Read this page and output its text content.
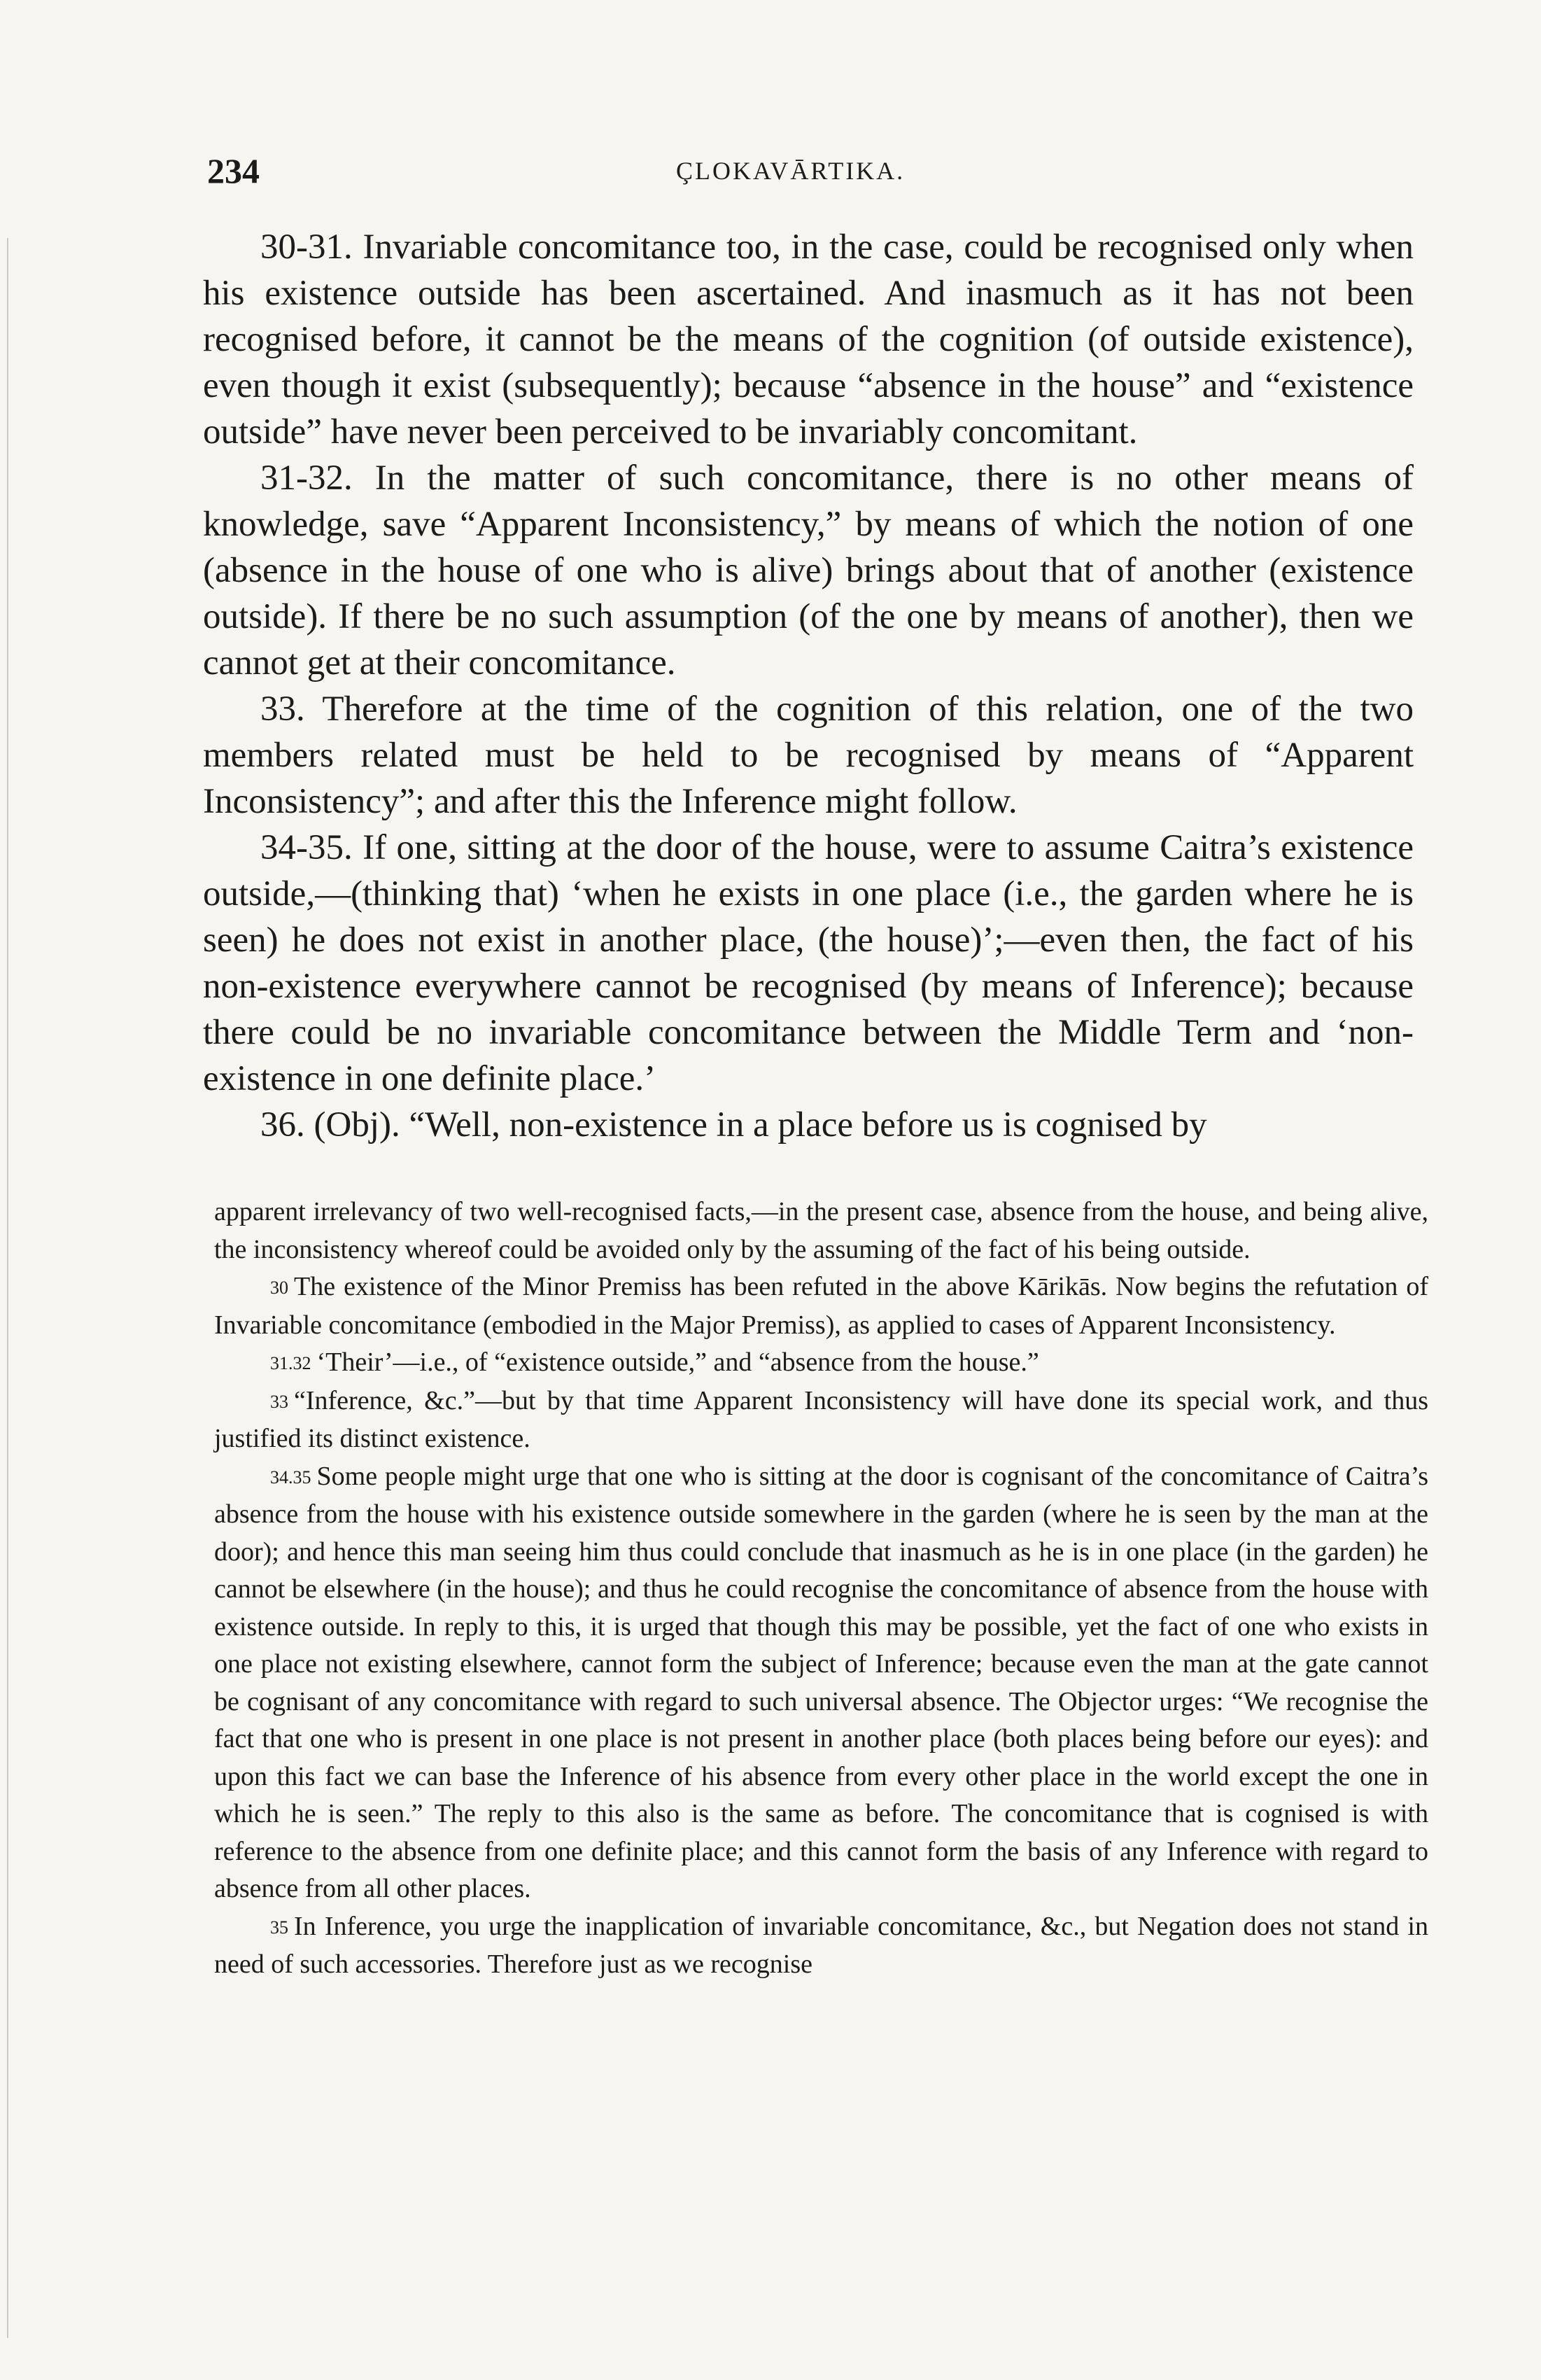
234	ÇLOKAVĀRTIKA.

30-31. Invariable concomitance too, in the case, could be recognised only when his existence outside has been ascertained. And inasmuch as it has not been recognised before, it cannot be the means of the cognition (of outside existence), even though it exist (subsequently); because “absence in the house” and “existence outside” have never been perceived to be invariably concomitant.

31-32. In the matter of such concomitance, there is no other means of knowledge, save “Apparent Inconsistency,” by means of which the notion of one (absence in the house of one who is alive) brings about that of another (existence outside). If there be no such assumption (of the one by means of another), then we cannot get at their concomitance.

33. Therefore at the time of the cognition of this relation, one of the two members related must be held to be recognised by means of “Apparent Inconsistency”; and after this the Inference might follow.

34-35. If one, sitting at the door of the house, were to assume Caitra’s existence outside,—(thinking that) ‘when he exists in one place (i.e., the garden where he is seen) he does not exist in another place, (the house)’;—even then, the fact of his non-existence everywhere cannot be recognised (by means of Inference); because there could be no invariable concomitance between the Middle Term and ‘non-existence in one definite place.’

36. (Obj). “Well, non-existence in a place before us is cognised by

apparent irrelevancy of two well-recognised facts,—in the present case, absence from the house, and being alive, the inconsistency whereof could be avoided only by the assuming of the fact of his being outside.

30 The existence of the Minor Premiss has been refuted in the above Kārikās. Now begins the refutation of Invariable concomitance (embodied in the Major Premiss), as applied to cases of Apparent Inconsistency.

31.32 ‘Their’—i.e., of “existence outside,” and “absence from the house.”

33 “Inference, &c.”—but by that time Apparent Inconsistency will have done its special work, and thus justified its distinct existence.

34.35 Some people might urge that one who is sitting at the door is cognisant of the concomitance of Caitra’s absence from the house with his existence outside somewhere in the garden (where he is seen by the man at the door); and hence this man seeing him thus could conclude that inasmuch as he is in one place (in the garden) he cannot be elsewhere (in the house); and thus he could recognise the concomitance of absence from the house with existence outside. In reply to this, it is urged that though this may be possible, yet the fact of one who exists in one place not existing elsewhere, cannot form the subject of Inference; because even the man at the gate cannot be cognisant of any concomitance with regard to such universal absence. The Objector urges: “We recognise the fact that one who is present in one place is not present in another place (both places being before our eyes): and upon this fact we can base the Inference of his absence from every other place in the world except the one in which he is seen.” The reply to this also is the same as before. The concomitance that is cognised is with reference to the absence from one definite place; and this cannot form the basis of any Inference with regard to absence from all other places.

35 In Inference, you urge the inapplication of invariable concomitance, &c., but Negation does not stand in need of such accessories. Therefore just as we recognise
